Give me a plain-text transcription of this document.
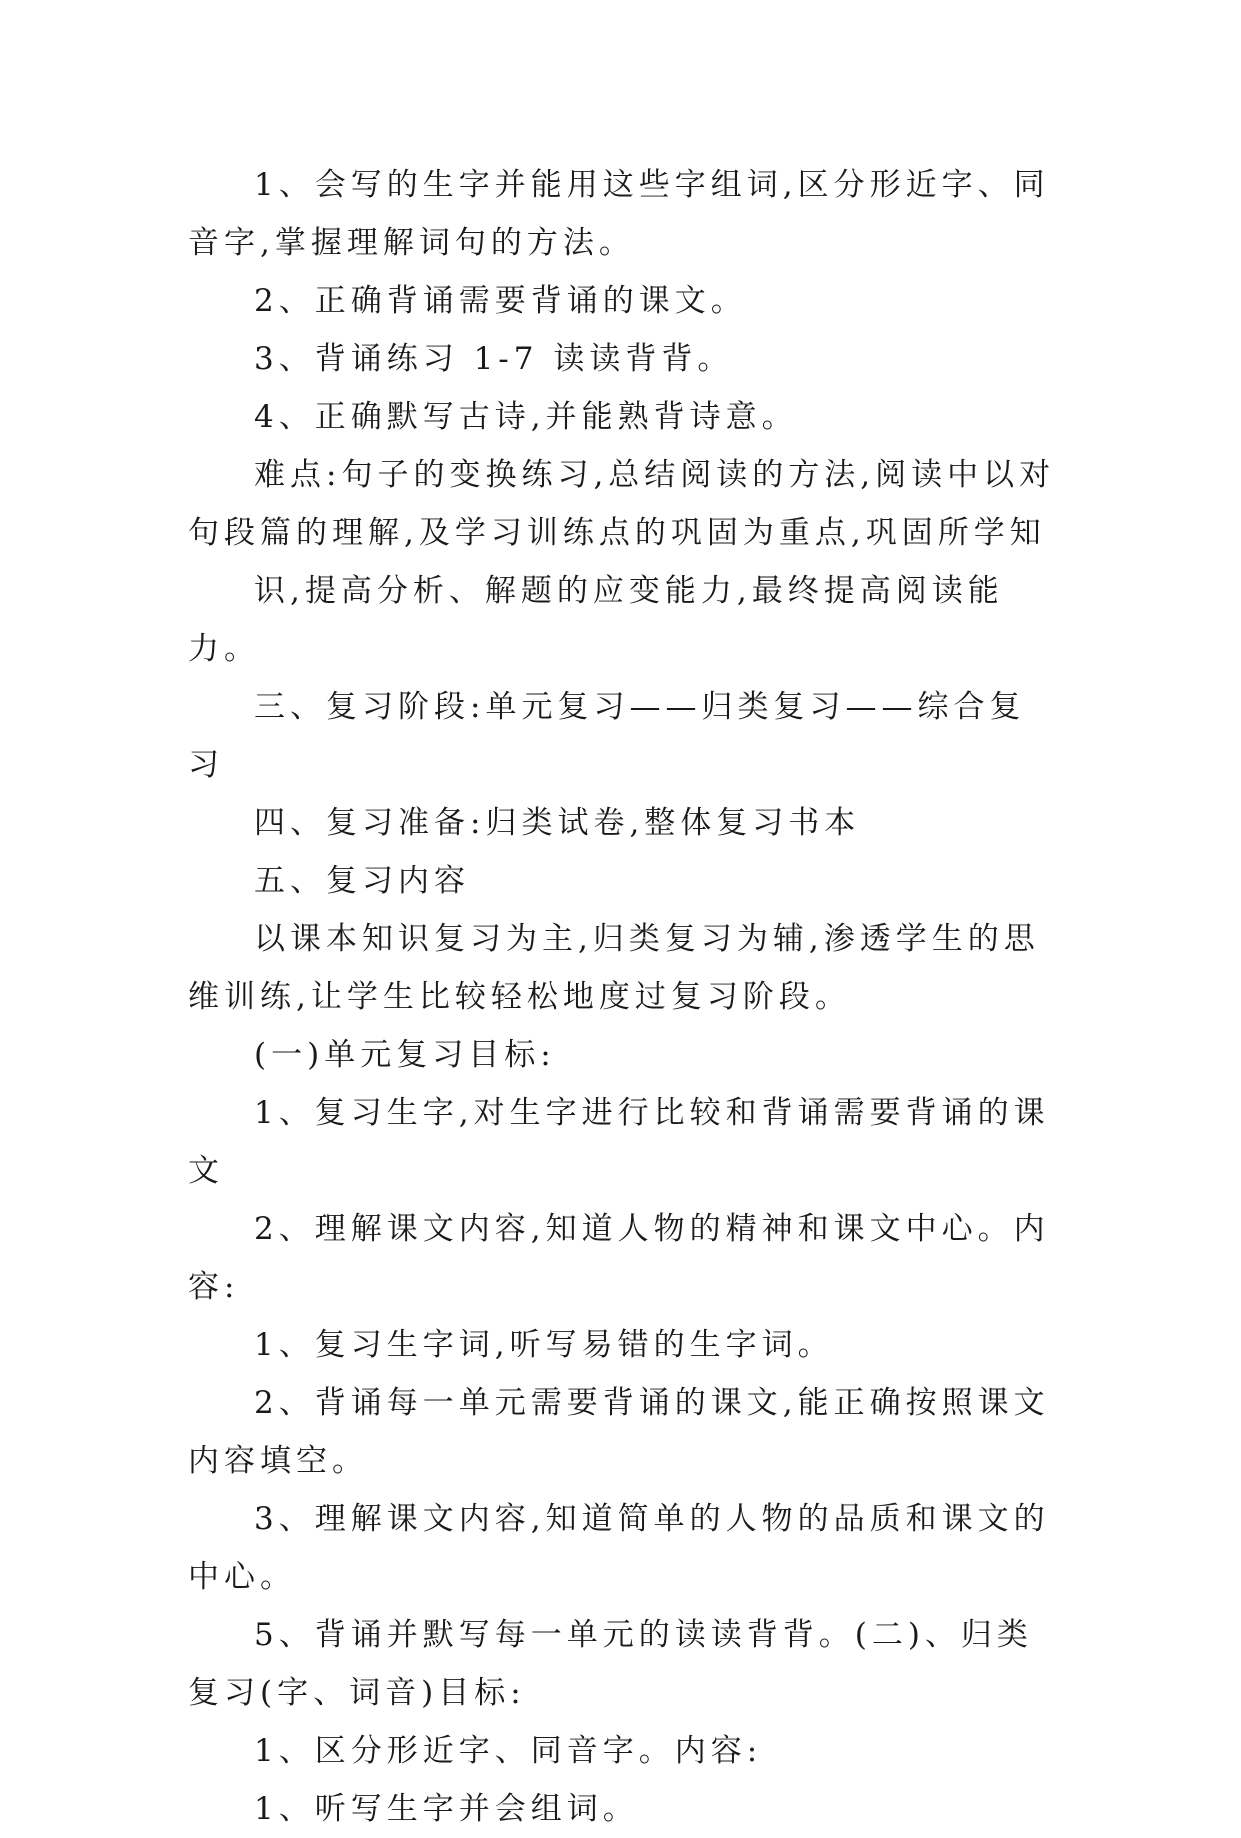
1、会写的生字并能用这些字组词,区分形近字、同音字,掌握理解词句的方法。

2、正确背诵需要背诵的课文。

3、背诵练习 1-7 读读背背。

4、正确默写古诗,并能熟背诗意。

难点:句子的变换练习,总结阅读的方法,阅读中以对句段篇的理解,及学习训练点的巩固为重点,巩固所学知

识,提高分析、解题的应变能力,最终提高阅读能力。

三、复习阶段:单元复习——归类复习——综合复习

四、复习准备:归类试卷,整体复习书本

五、复习内容

以课本知识复习为主,归类复习为辅,渗透学生的思维训练,让学生比较轻松地度过复习阶段。

(一)单元复习目标:

1、复习生字,对生字进行比较和背诵需要背诵的课文

2、理解课文内容,知道人物的精神和课文中心。内容:

1、复习生字词,听写易错的生字词。

2、背诵每一单元需要背诵的课文,能正确按照课文内容填空。

3、理解课文内容,知道简单的人物的品质和课文的中心。

5、背诵并默写每一单元的读读背背。(二)、归类复习(字、词音)目标:

1、区分形近字、同音字。内容:

1、听写生字并会组词。
